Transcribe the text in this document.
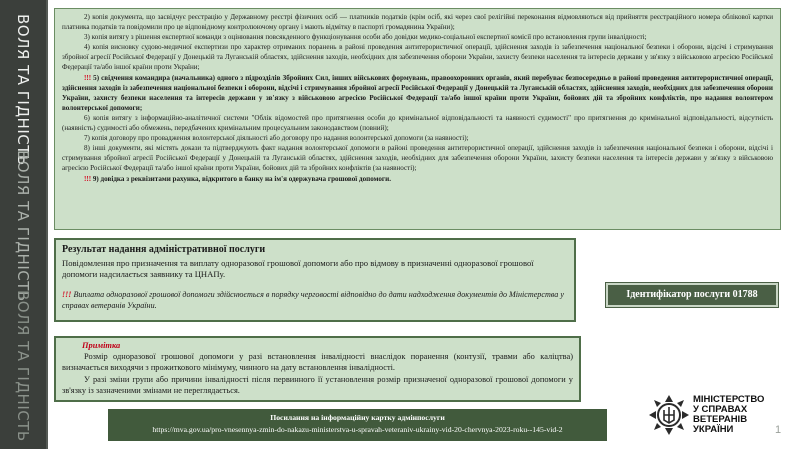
ВОЛЯ ТА ГІДНІСТЬ
ВОЛЯ ТА ГІДНІСТЬ
ВОЛЯ ТА ГІДНІСТЬ

2) копія документа, що засвідчує реєстрацію у Державному реєстрі фізичних осіб — платників податків (крім осіб, які через свої релігійні переконання відмовляються від прийняття реєстраційного номера облікової картки платника податків та повідомили про це відповідному контролюючому органу і мають відмітку в паспорті громадянина України);

3) копія витягу з рішення експертної команди з оцінювання повсякденного функціонування особи або довідки медико-соціальної експертної комісії про встановлення групи інвалідності;

4) копія висновку судово-медичної експертизи про характер отриманих поранень в районі проведення антитерористичної операції, здійснення заходів із забезпечення національної безпеки і оборони, відсічі і стримування збройної агресії Російської Федерації у Донецькій та Луганській областях, здійснення заходів, необхідних для забезпечення оборони України, захисту безпеки населення та інтересів держави у зв'язку з військовою агресією Російської Федерації та/або іншої країни проти України;

!!! 5) свідчення командира (начальника) одного з підрозділів Збройних Сил, інших військових формувань, правоохоронних органів, який перебуває безпосередньо в районі проведення антитерористичної операції, здійснення заходів із забезпечення національної безпеки і оборони, відсічі і стримування збройної агресії Російської Федерації у Донецькій та Луганській областях, здійснення заходів, необхідних для забезпечення оборони України, захисту безпеки населення та інтересів держави у зв'язку з військовою агресією Російської Федерації та/або іншої країни проти України, бойових дій та збройних конфліктів, про надання волонтером волонтерської допомоги;

6) копія витягу з інформаційно-аналітичної системи "Облік відомостей про притягнення особи до кримінальної відповідальності та наявності судимості" про притягнення до кримінальної відповідальності, відсутність (наявність) судимості або обмежень, передбачених кримінальним процесуальним законодавством (повний);

7) копія договору про провадження волонтерської діяльності або договору про надання волонтерської допомоги (за наявності);

8) інші документи, які містять докази та підтверджують факт надання волонтерської допомоги в районі проведення антитерористичної операції, здійснення заходів із забезпечення національної безпеки і оборони, відсічі і стримування збройної агресії Російської Федерації у Донецькій та Луганській областях, здійснення заходів, необхідних для забезпечення оборони України, захисту безпеки населення та інтересів держави у зв'язку з військовою агресією Російської Федерації та/або іншої країни проти України, бойових дій та збройних конфліктів (за наявності);

!!! 9) довідка з реквізитами рахунка, відкритого в банку на ім'я одержувача грошової допомоги.

Результат надання адміністративної послуги
Повідомлення про призначення та виплату одноразової грошової допомоги або про відмову в призначенні одноразової грошової допомоги надсилається заявнику та ЦНАПу.
!!! Виплата одноразової грошової допомоги здійснюється в порядку черговості відповідно до дати надходження документів до Міністерства у справах ветеранів України.
Ідентифікатор послуги 01788
Примітка

Розмір одноразової грошової допомоги у разі встановлення інвалідності внаслідок поранення (контузії, травми або каліцтва) визначається виходячи з прожиткового мінімуму, чинного на дату встановлення інвалідності.

У разі зміни групи або причини інвалідності після первинного її установлення розмір призначеної одноразової грошової допомоги у зв'язку із зазначеними змінами не переглядається.

Посилання на інформаційну картку адмінпослуги
https://mva.gov.ua/pro-vnesennya-zmin-do-nakazu-ministerstva-u-spravah-veteraniv-ukrainy-vid-20-chervnya-2023-roku--145-vid-2
МІНІСТЕРСТВО
У СПРАВАХ
ВЕТЕРАНІВ
УКРАЇНИ	1
